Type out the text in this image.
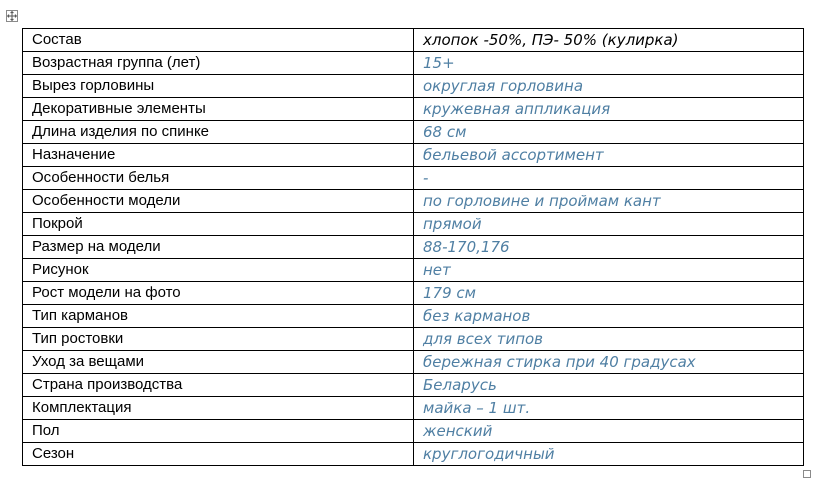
Состав	хлопок -50%, ПЭ- 50% (кулирка)
Возрастная группа (лет)	15+
Вырез горловины	округлая горловина
Декоративные элементы	кружевная аппликация
Длина изделия по спинке	68 см
Назначение	бельевой ассортимент
Особенности белья	-
Особенности модели	по горловине и проймам кант
Покрой	прямой
Размер на модели	88-170,176
Рисунок	нет
Рост модели на фото	179 см
Тип карманов	без карманов
Тип ростовки	для всех типов
Уход за вещами	бережная стирка при 40 градусах
Страна производства	Беларусь
Комплектация	майка – 1 шт.
Пол	женский
Сезон	круглогодичный
